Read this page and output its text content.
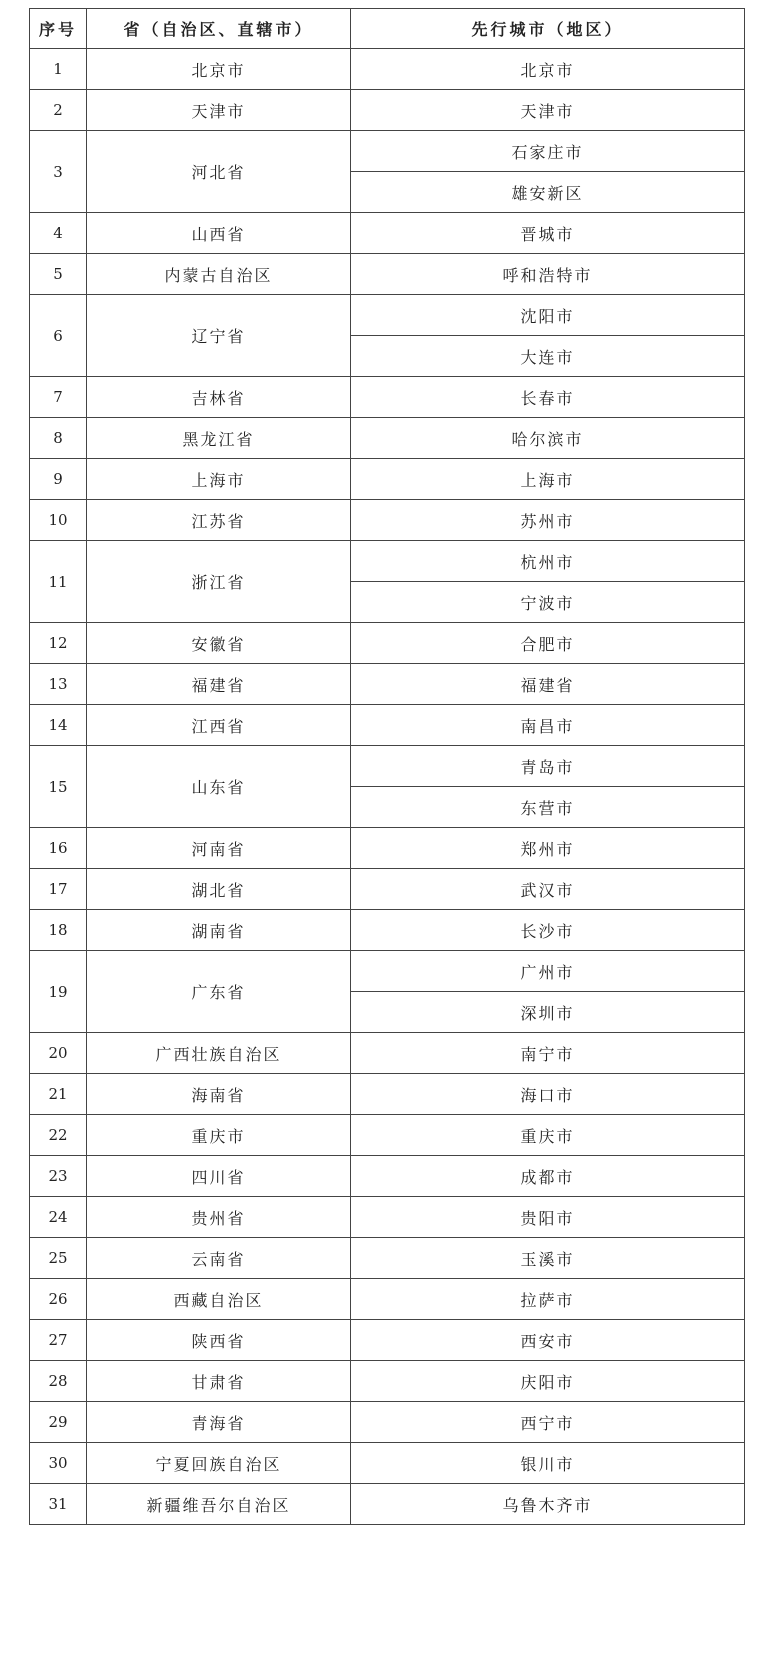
序号	省（自治区、直辖市）	先行城市（地区）
1	北京市	北京市
2	天津市	天津市
3	河北省	石家庄市
		雄安新区
4	山西省	晋城市
5	内蒙古自治区	呼和浩特市
6	辽宁省	沈阳市
		大连市
7	吉林省	长春市
8	黑龙江省	哈尔滨市
9	上海市	上海市
10	江苏省	苏州市
11	浙江省	杭州市
		宁波市
12	安徽省	合肥市
13	福建省	福建省
14	江西省	南昌市
15	山东省	青岛市
		东营市
16	河南省	郑州市
17	湖北省	武汉市
18	湖南省	长沙市
19	广东省	广州市
		深圳市
20	广西壮族自治区	南宁市
21	海南省	海口市
22	重庆市	重庆市
23	四川省	成都市
24	贵州省	贵阳市
25	云南省	玉溪市
26	西藏自治区	拉萨市
27	陕西省	西安市
28	甘肃省	庆阳市
29	青海省	西宁市
30	宁夏回族自治区	银川市
31	新疆维吾尔自治区	乌鲁木齐市
